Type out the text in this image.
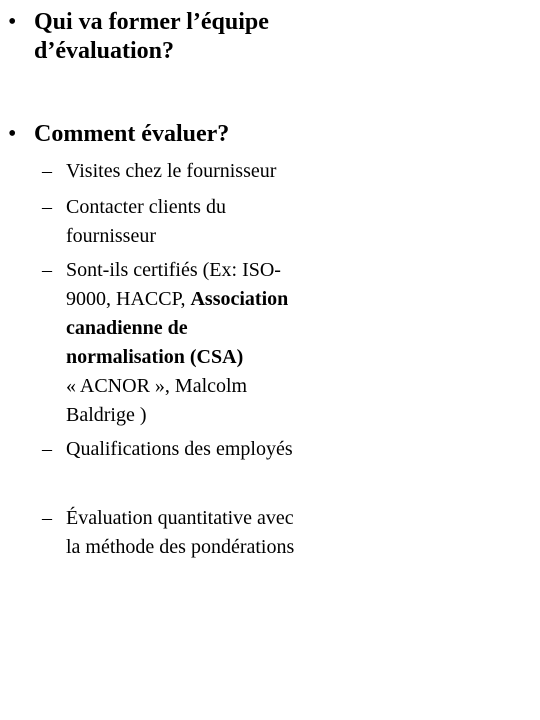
• Qui va former l’équipe
d’évaluation?
• Comment évaluer?
– Visites chez le fournisseur
– Contacter clients du
fournisseur
– Sont-ils certifiés (Ex: ISO-
9000, HACCP, Association
canadienne de
normalisation (CSA)
« ACNOR », Malcolm
Baldrige )
– Qualifications des employés
– Évaluation quantitative avec
la méthode des pondérations
